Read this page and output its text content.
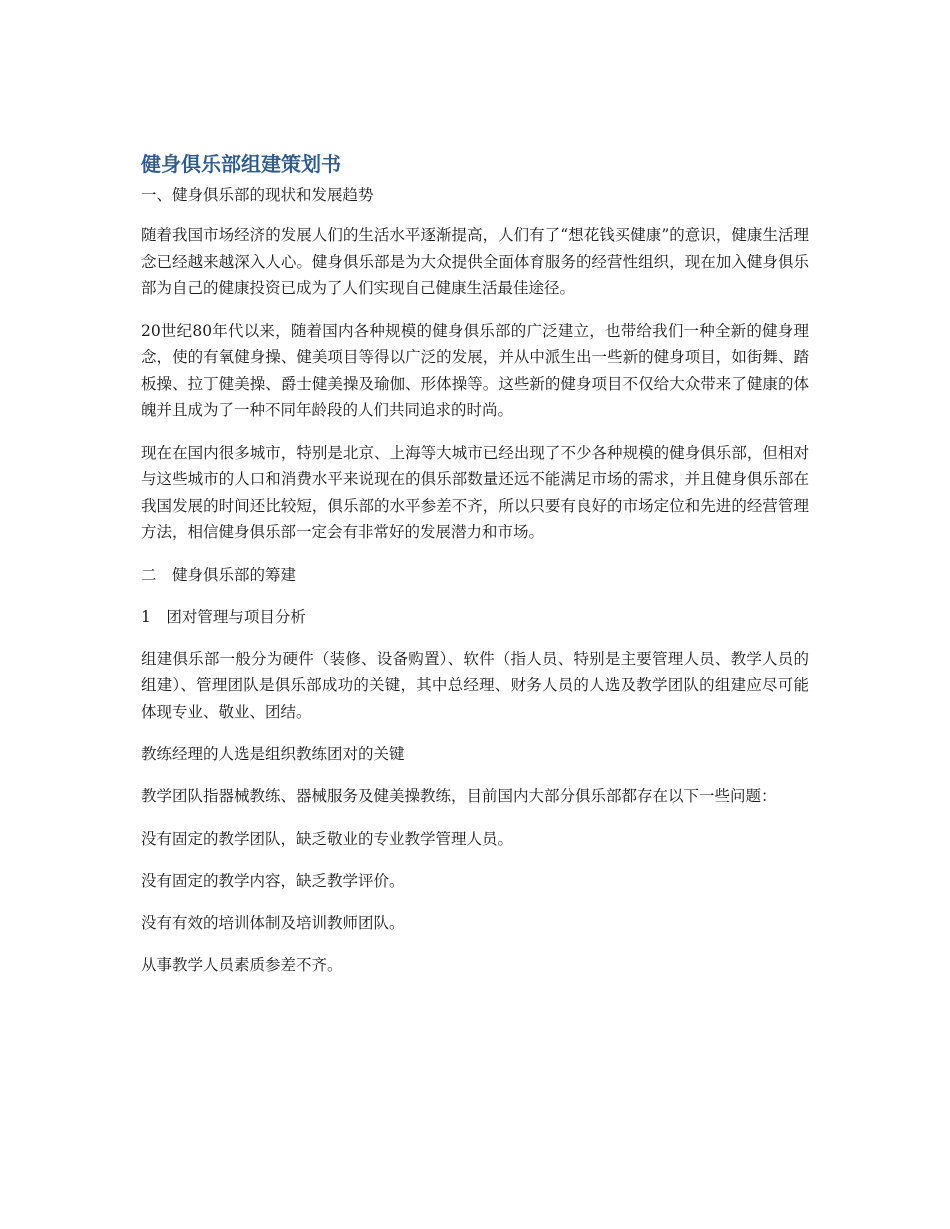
健身俱乐部组建策划书
一、健身俱乐部的现状和发展趋势

随着我国市场经济的发展人们的生活水平逐渐提高，人们有了“想花钱买健康”的意识，健康生活理念已经越来越深入人心。健身俱乐部是为大众提供全面体育服务的经营性组织，现在加入健身俱乐部为自己的健康投资已成为了人们实现自己健康生活最佳途径。

20世纪80年代以来，随着国内各种规模的健身俱乐部的广泛建立，也带给我们一种全新的健身理念，使的有氧健身操、健美项目等得以广泛的发展，并从中派生出一些新的健身项目，如街舞、踏板操、拉丁健美操、爵士健美操及瑜伽、形体操等。这些新的健身项目不仅给大众带来了健康的体魄并且成为了一种不同年龄段的人们共同追求的时尚。

现在在国内很多城市，特别是北京、上海等大城市已经出现了不少各种规模的健身俱乐部，但相对与这些城市的人口和消费水平来说现在的俱乐部数量还远不能满足市场的需求，并且健身俱乐部在我国发展的时间还比较短，俱乐部的水平参差不齐，所以只要有良好的市场定位和先进的经营管理方法，相信健身俱乐部一定会有非常好的发展潜力和市场。

二　健身俱乐部的筹建
1　团对管理与项目分析

组建俱乐部一般分为硬件（装修、设备购置）、软件（指人员、特别是主要管理人员、教学人员的组建）、管理团队是俱乐部成功的关键，其中总经理、财务人员的人选及教学团队的组建应尽可能体现专业、敬业、团结。

教练经理的人选是组织教练团对的关键

教学团队指器械教练、器械服务及健美操教练，目前国内大部分俱乐部都存在以下一些问题：

没有固定的教学团队，缺乏敬业的专业教学管理人员。
没有固定的教学内容，缺乏教学评价。
没有有效的培训体制及培训教师团队。
从事教学人员素质参差不齐。
